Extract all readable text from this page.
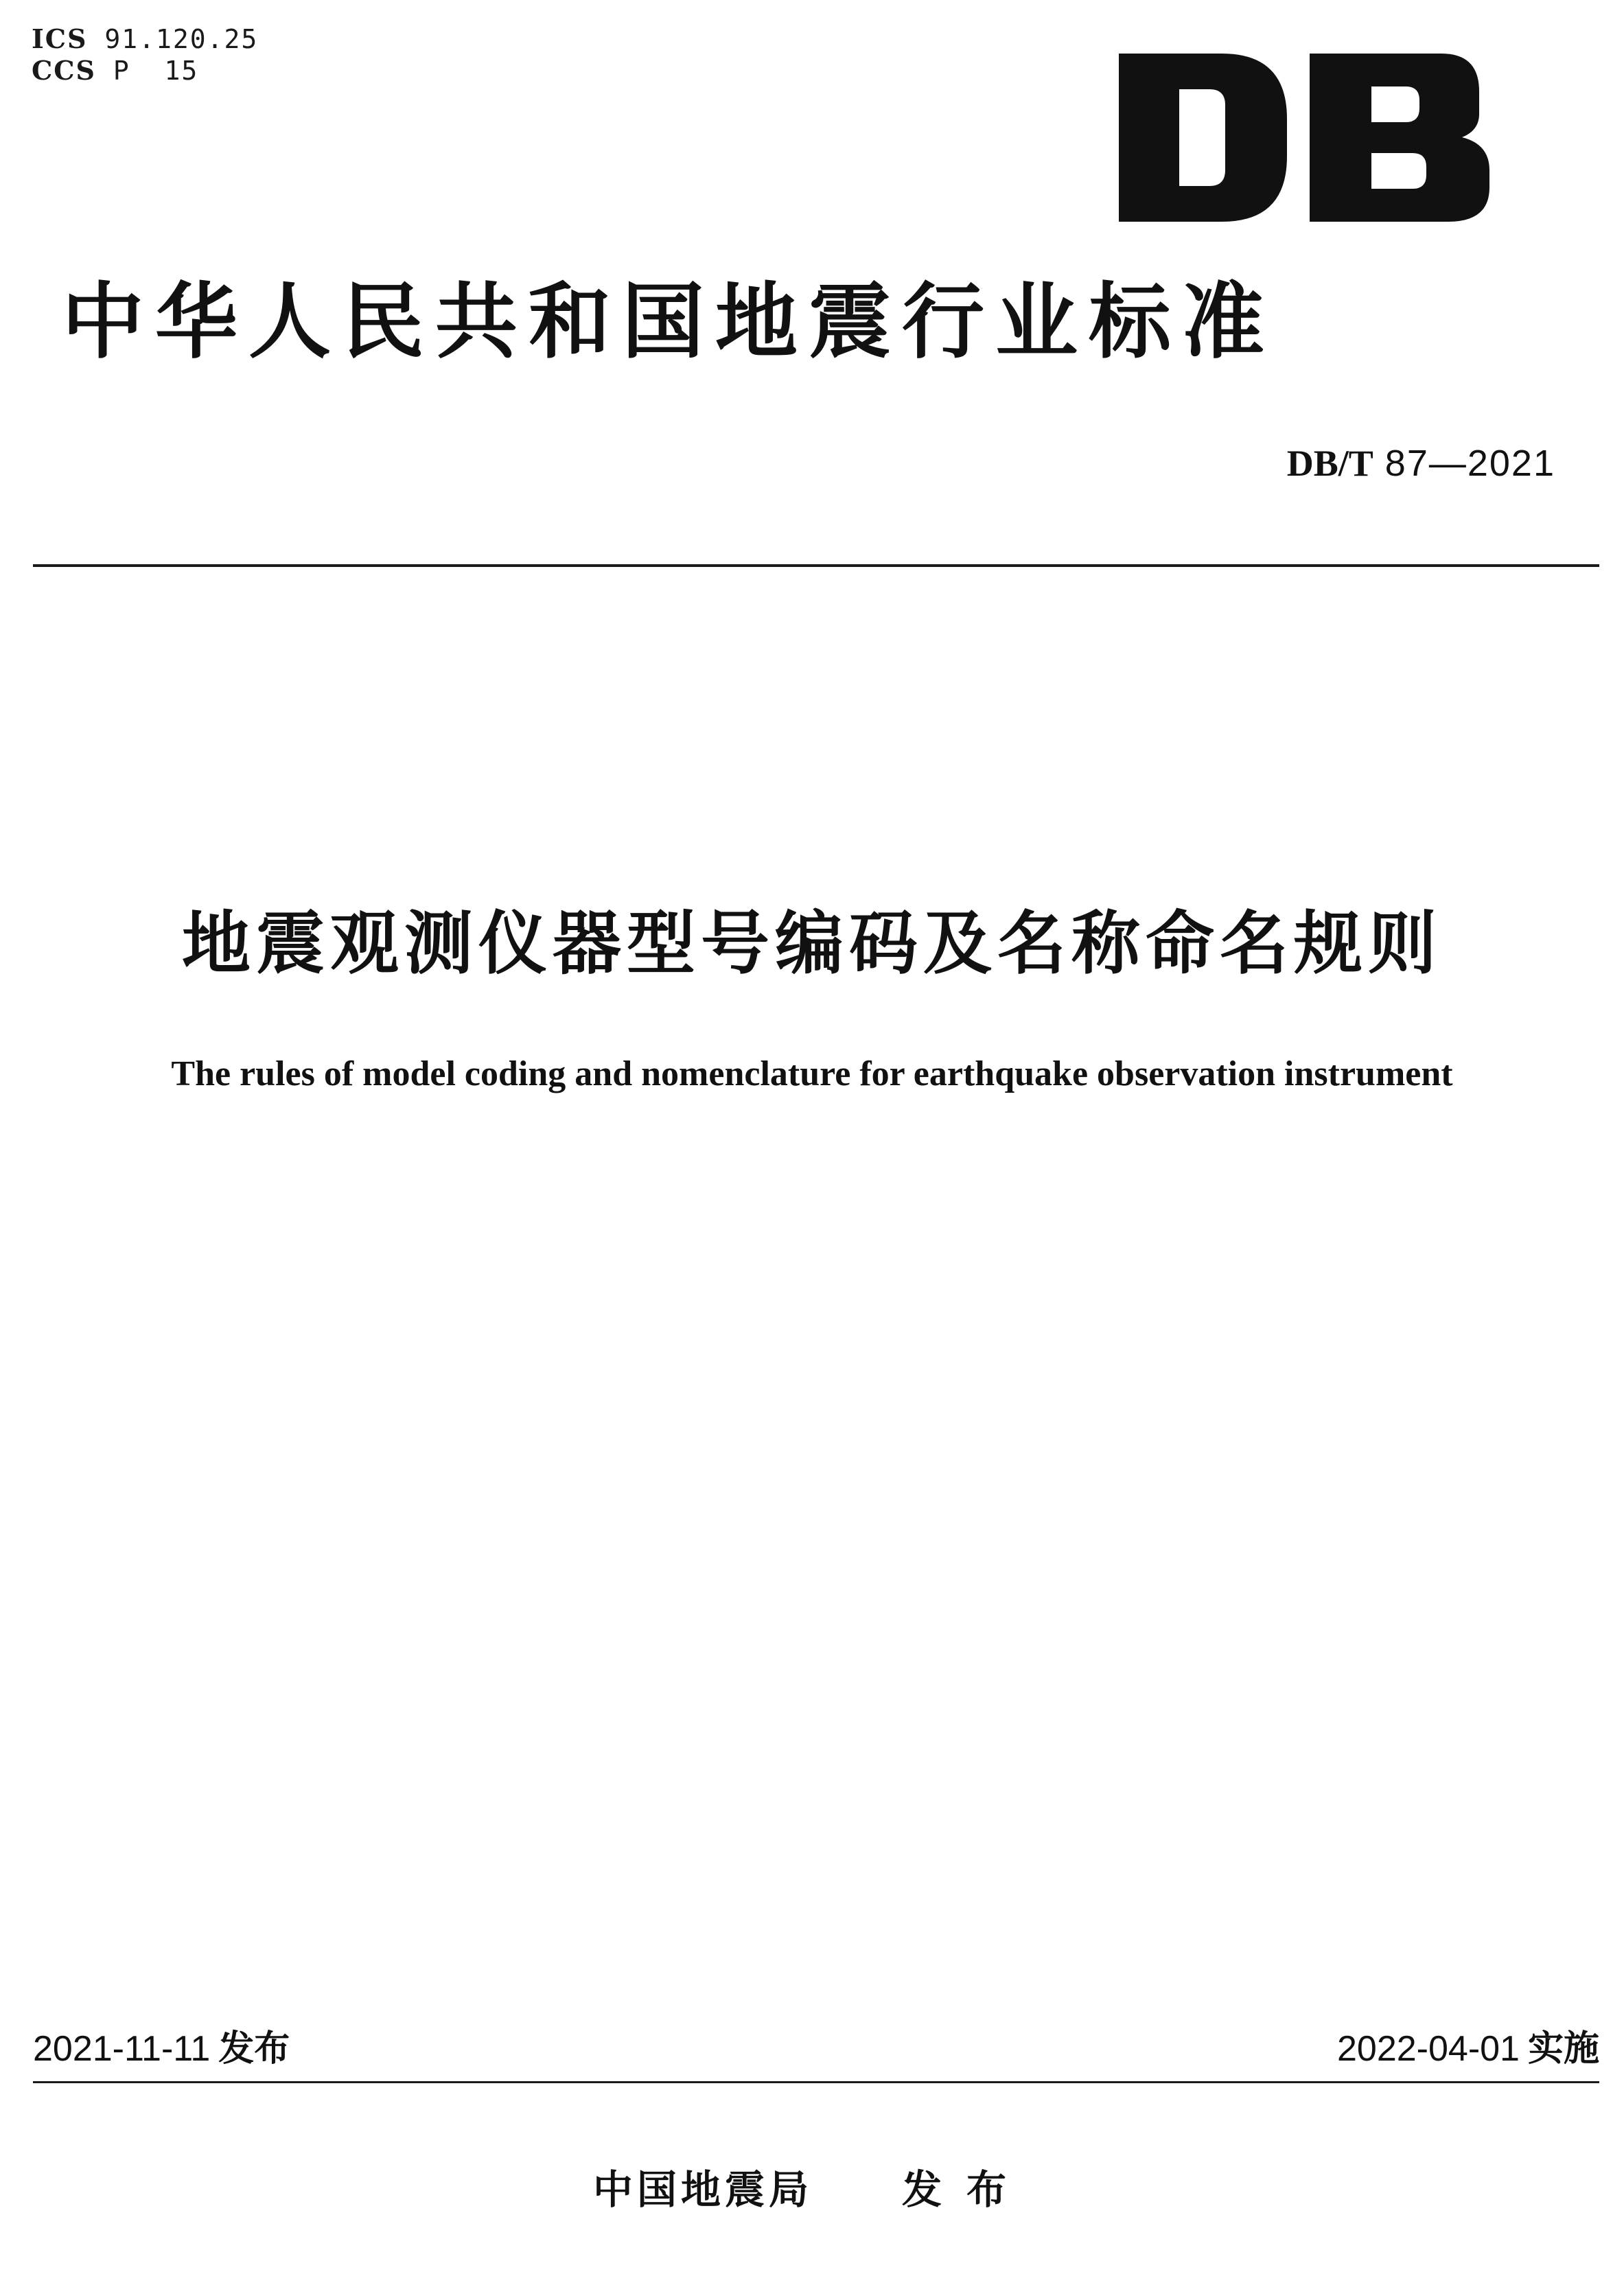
ICS 91.120.25
CCS P  15
中华人民共和国地震行业标准
DB/T 87—2021
地震观测仪器型号编码及名称命名规则
The rules of model coding and nomenclature for earthquake observation instrument
2021-11-11 发布	2022-04-01 实施
中国地震局 发布
